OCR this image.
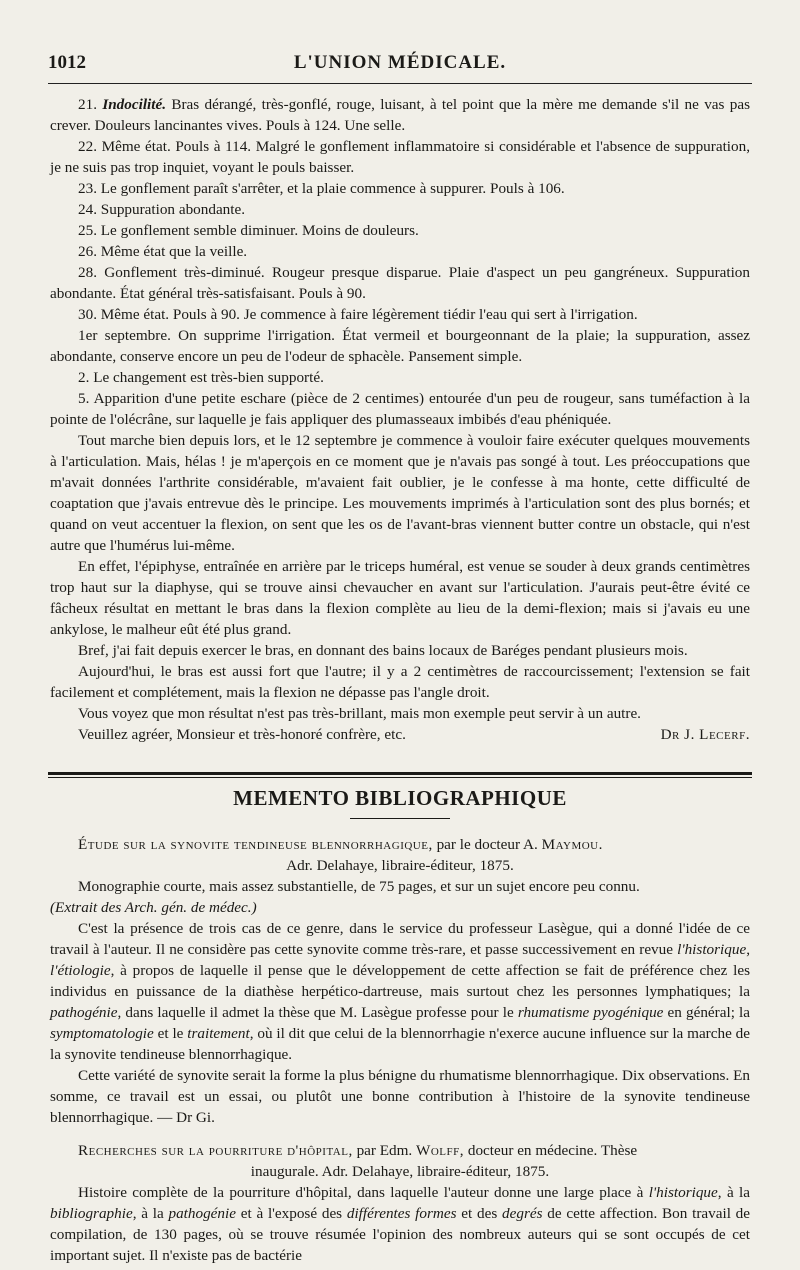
1012	L'UNION MÉDICALE.

21. Indocilité. Bras dérangé, très-gonflé, rouge, luisant, à tel point que la mère me demande s'il ne vas pas crever. Douleurs lancinantes vives. Pouls à 124. Une selle.

22. Même état. Pouls à 114. Malgré le gonflement inflammatoire si considérable et l'absence de suppuration, je ne suis pas trop inquiet, voyant le pouls baisser.

23. Le gonflement paraît s'arrêter, et la plaie commence à suppurer. Pouls à 106.

24. Suppuration abondante.

25. Le gonflement semble diminuer. Moins de douleurs.

26. Même état que la veille.

28. Gonflement très-diminué. Rougeur presque disparue. Plaie d'aspect un peu gangréneux. Suppuration abondante. État général très-satisfaisant. Pouls à 90.

30. Même état. Pouls à 90. Je commence à faire légèrement tiédir l'eau qui sert à l'irrigation.

1er septembre. On supprime l'irrigation. État vermeil et bourgeonnant de la plaie; la suppuration, assez abondante, conserve encore un peu de l'odeur de sphacèle. Pansement simple.

2. Le changement est très-bien supporté.

5. Apparition d'une petite eschare (pièce de 2 centimes) entourée d'un peu de rougeur, sans tuméfaction à la pointe de l'olécrâne, sur laquelle je fais appliquer des plumasseaux imbibés d'eau phéniquée.

Tout marche bien depuis lors, et le 12 septembre je commence à vouloir faire exécuter quelques mouvements à l'articulation. Mais, hélas ! je m'aperçois en ce moment que je n'avais pas songé à tout. Les préoccupations que m'avait données l'arthrite considérable, m'avaient fait oublier, je le confesse à ma honte, cette difficulté de coaptation que j'avais entrevue dès le principe. Les mouvements imprimés à l'articulation sont des plus bornés; et quand on veut accentuer la flexion, on sent que les os de l'avant-bras viennent butter contre un obstacle, qui n'est autre que l'humérus lui-même.

En effet, l'épiphyse, entraînée en arrière par le triceps huméral, est venue se souder à deux grands centimètres trop haut sur la diaphyse, qui se trouve ainsi chevaucher en avant sur l'articulation. J'aurais peut-être évité ce fâcheux résultat en mettant le bras dans la flexion complète au lieu de la demi-flexion; mais si j'avais eu une ankylose, le malheur eût été plus grand.

Bref, j'ai fait depuis exercer le bras, en donnant des bains locaux de Baréges pendant plusieurs mois.

Aujourd'hui, le bras est aussi fort que l'autre; il y a 2 centimètres de raccourcissement; l'extension se fait facilement et complétement, mais la flexion ne dépasse pas l'angle droit.

Vous voyez que mon résultat n'est pas très-brillant, mais mon exemple peut servir à un autre.

Veuillez agréer, Monsieur et très-honoré confrère, etc.	Dr J. Lecerf.
MEMENTO BIBLIOGRAPHIQUE

Étude sur la synovite tendineuse blennorrhagique, par le docteur A. Maymou.

Adr. Delahaye, libraire-éditeur, 1875.

Monographie courte, mais assez substantielle, de 75 pages, et sur un sujet encore peu connu.
(Extrait des Arch. gén. de médec.)

C'est la présence de trois cas de ce genre, dans le service du professeur Lasègue, qui a donné l'idée de ce travail à l'auteur. Il ne considère pas cette synovite comme très-rare, et passe successivement en revue l'historique, l'étiologie, à propos de laquelle il pense que le développement de cette affection se fait de préférence chez les individus en puissance de la diathèse herpético-dartreuse, mais surtout chez les personnes lymphatiques; la pathogénie, dans laquelle il admet la thèse que M. Lasègue professe pour le rhumatisme pyogénique en général; la symptomatologie et le traitement, où il dit que celui de la blennorrhagie n'exerce aucune influence sur la marche de la synovite tendineuse blennorrhagique.

Cette variété de synovite serait la forme la plus bénigne du rhumatisme blennorrhagique. Dix observations. En somme, ce travail est un essai, ou plutôt une bonne contribution à l'histoire de la synovite tendineuse blennorrhagique. — Dr Gi.

Recherches sur la pourriture d'hôpital, par Edm. Wolff, docteur en médecine. Thèse

inaugurale. Adr. Delahaye, libraire-éditeur, 1875.

Histoire complète de la pourriture d'hôpital, dans laquelle l'auteur donne une large place à l'historique, à la bibliographie, à la pathogénie et à l'exposé des différentes formes et des degrés de cette affection. Bon travail de compilation, de 130 pages, où se trouve résumée l'opinion des nombreux auteurs qui se sont occupés de cet important sujet. Il n'existe pas de bactérie
